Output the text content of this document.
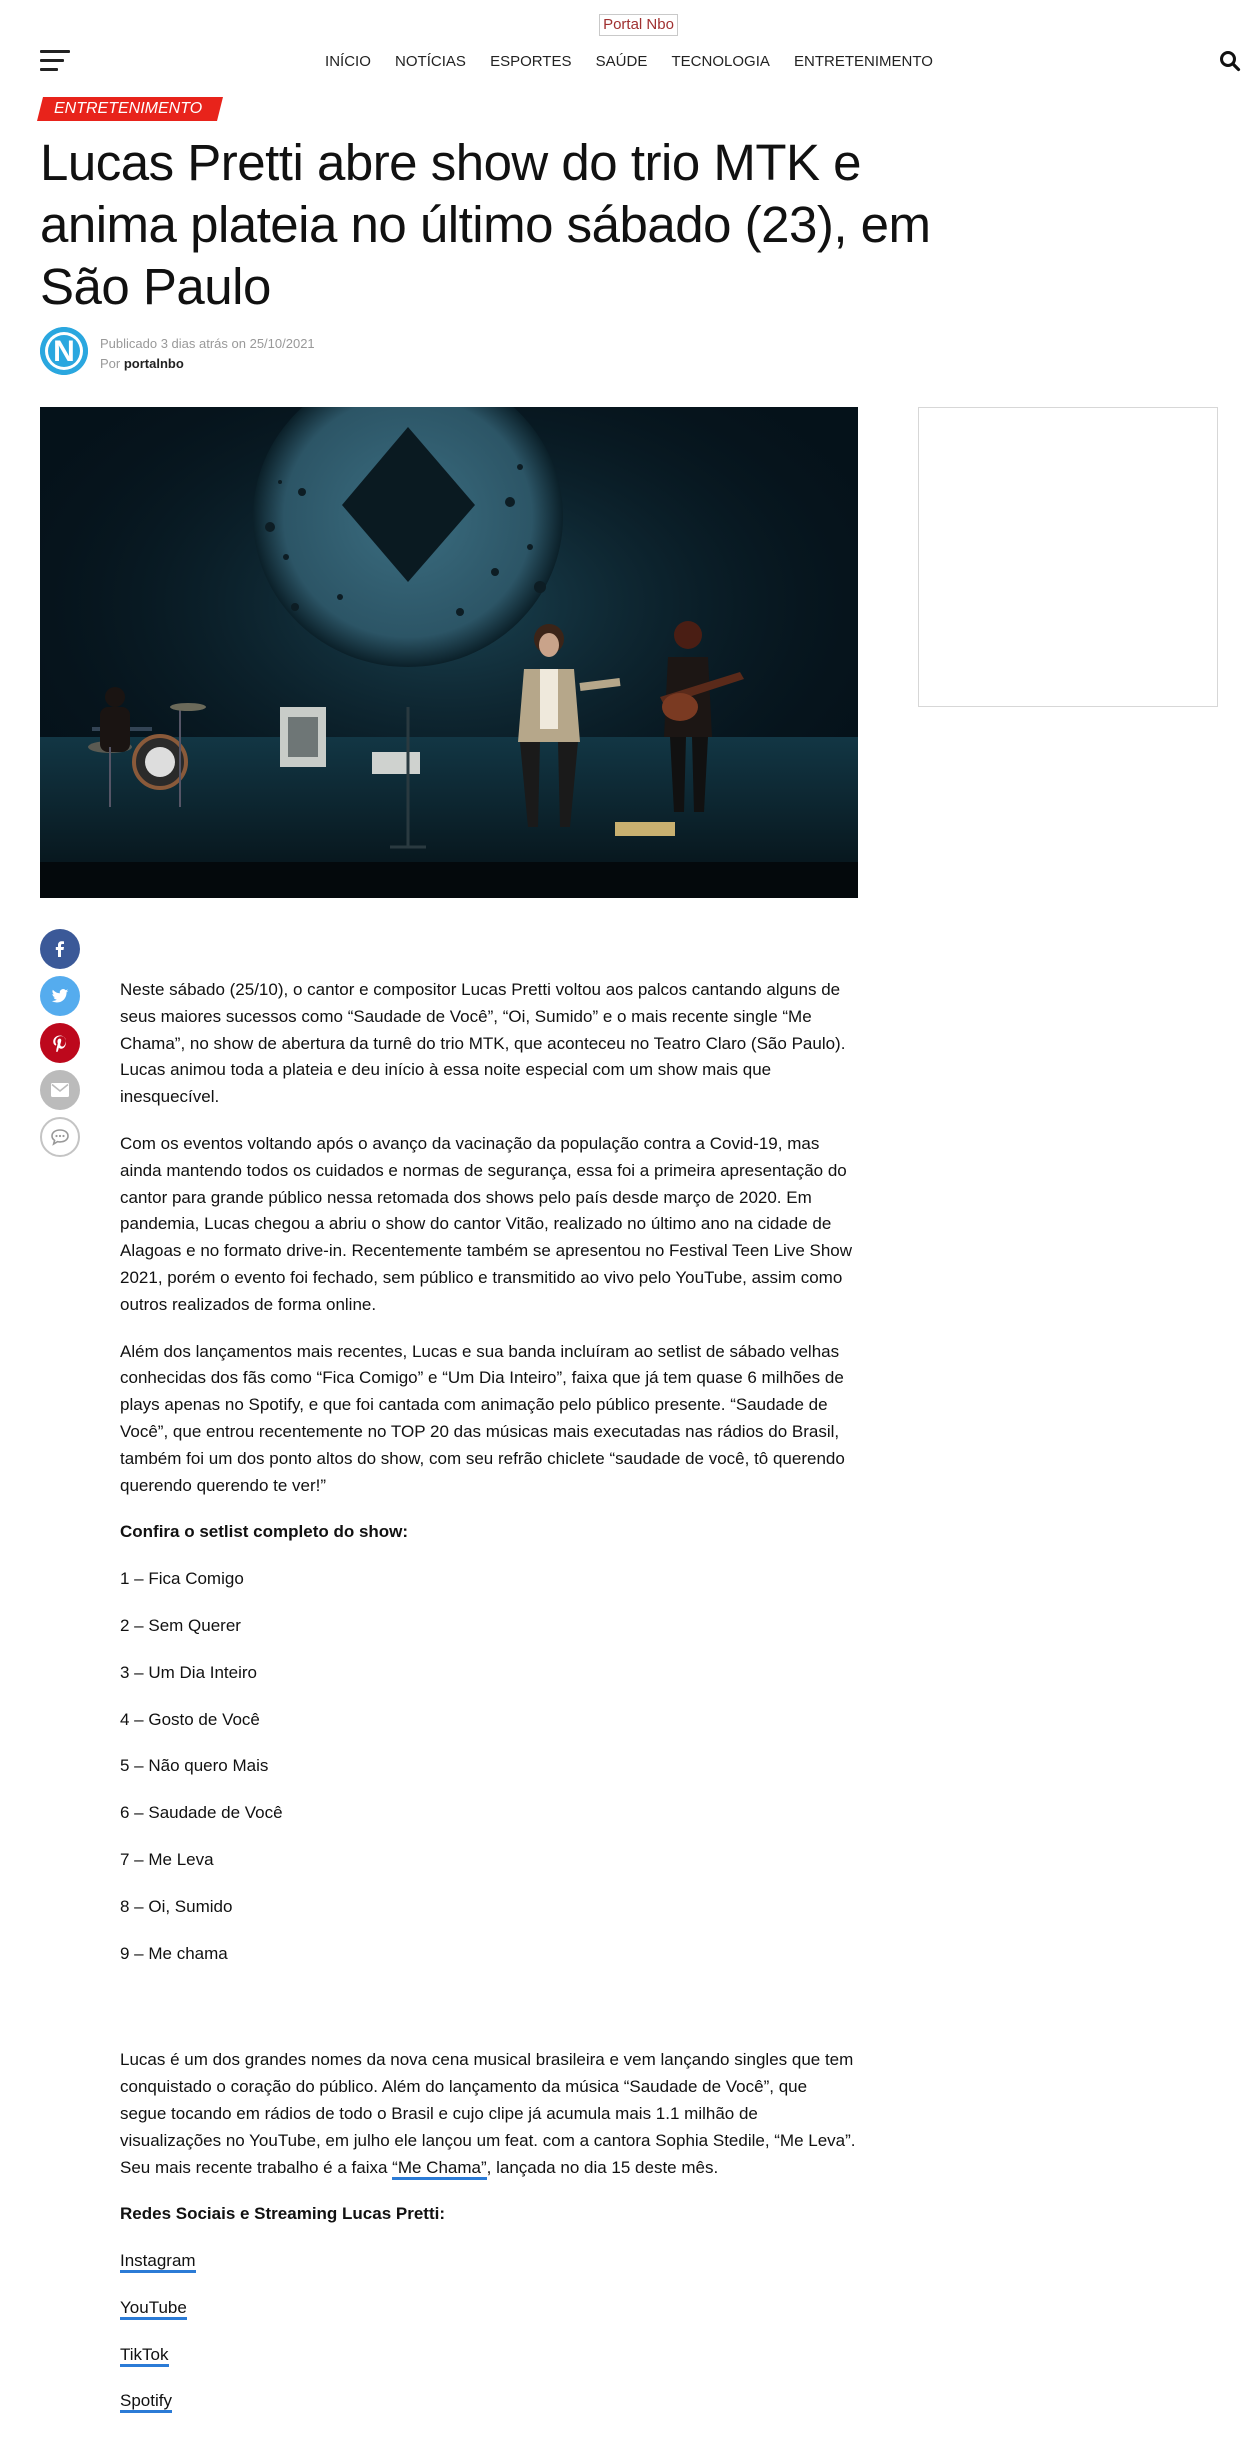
Portal Nbo
INÍCIO NOTÍCIAS ESPORTES SAÚDE TECNOLOGIA ENTRETENIMENTO
ENTRETENIMENTO
Lucas Pretti abre show do trio MTK e anima plateia no último sábado (23), em São Paulo
N Publicado 3 dias atrás on 25/10/2021
Por portalnbo

Neste sábado (25/10), o cantor e compositor Lucas Pretti voltou aos palcos cantando alguns de seus maiores sucessos como “Saudade de Você”, “Oi, Sumido” e o mais recente single “Me Chama”, no show de abertura da turnê do trio MTK, que aconteceu no Teatro Claro (São Paulo). Lucas animou toda a plateia e deu início à essa noite especial com um show mais que inesquecível.

Com os eventos voltando após o avanço da vacinação da população contra a Covid-19, mas ainda mantendo todos os cuidados e normas de segurança, essa foi a primeira apresentação do cantor para grande público nessa retomada dos shows pelo país desde março de 2020. Em pandemia, Lucas chegou a abriu o show do cantor Vitão, realizado no último ano na cidade de Alagoas e no formato drive-in. Recentemente também se apresentou no Festival Teen Live Show 2021, porém o evento foi fechado, sem público e transmitido ao vivo pelo YouTube, assim como outros realizados de forma online.

Além dos lançamentos mais recentes, Lucas e sua banda incluíram ao setlist de sábado velhas conhecidas dos fãs como “Fica Comigo” e “Um Dia Inteiro”, faixa que já tem quase 6 milhões de plays apenas no Spotify, e que foi cantada com animação pelo público presente. “Saudade de Você”, que entrou recentemente no TOP 20 das músicas mais executadas nas rádios do Brasil, também foi um dos ponto altos do show, com seu refrão chiclete “saudade de você, tô querendo querendo querendo te ver!”

Confira o setlist completo do show:

1 – Fica Comigo

2 – Sem Querer

3 – Um Dia Inteiro

4 – Gosto de Você

5 – Não quero Mais

6 – Saudade de Você

7 – Me Leva

8 – Oi, Sumido

9 – Me chama

Lucas é um dos grandes nomes da nova cena musical brasileira e vem lançando singles que tem conquistado o coração do público. Além do lançamento da música “Saudade de Você”, que segue tocando em rádios de todo o Brasil e cujo clipe já acumula mais 1.1 milhão de visualizações no YouTube, em julho ele lançou um feat. com a cantora Sophia Stedile, “Me Leva”. Seu mais recente trabalho é a faixa “Me Chama”, lançada no dia 15 deste mês.

Redes Sociais e Streaming Lucas Pretti:

Instagram

YouTube

TikTok

Spotify
